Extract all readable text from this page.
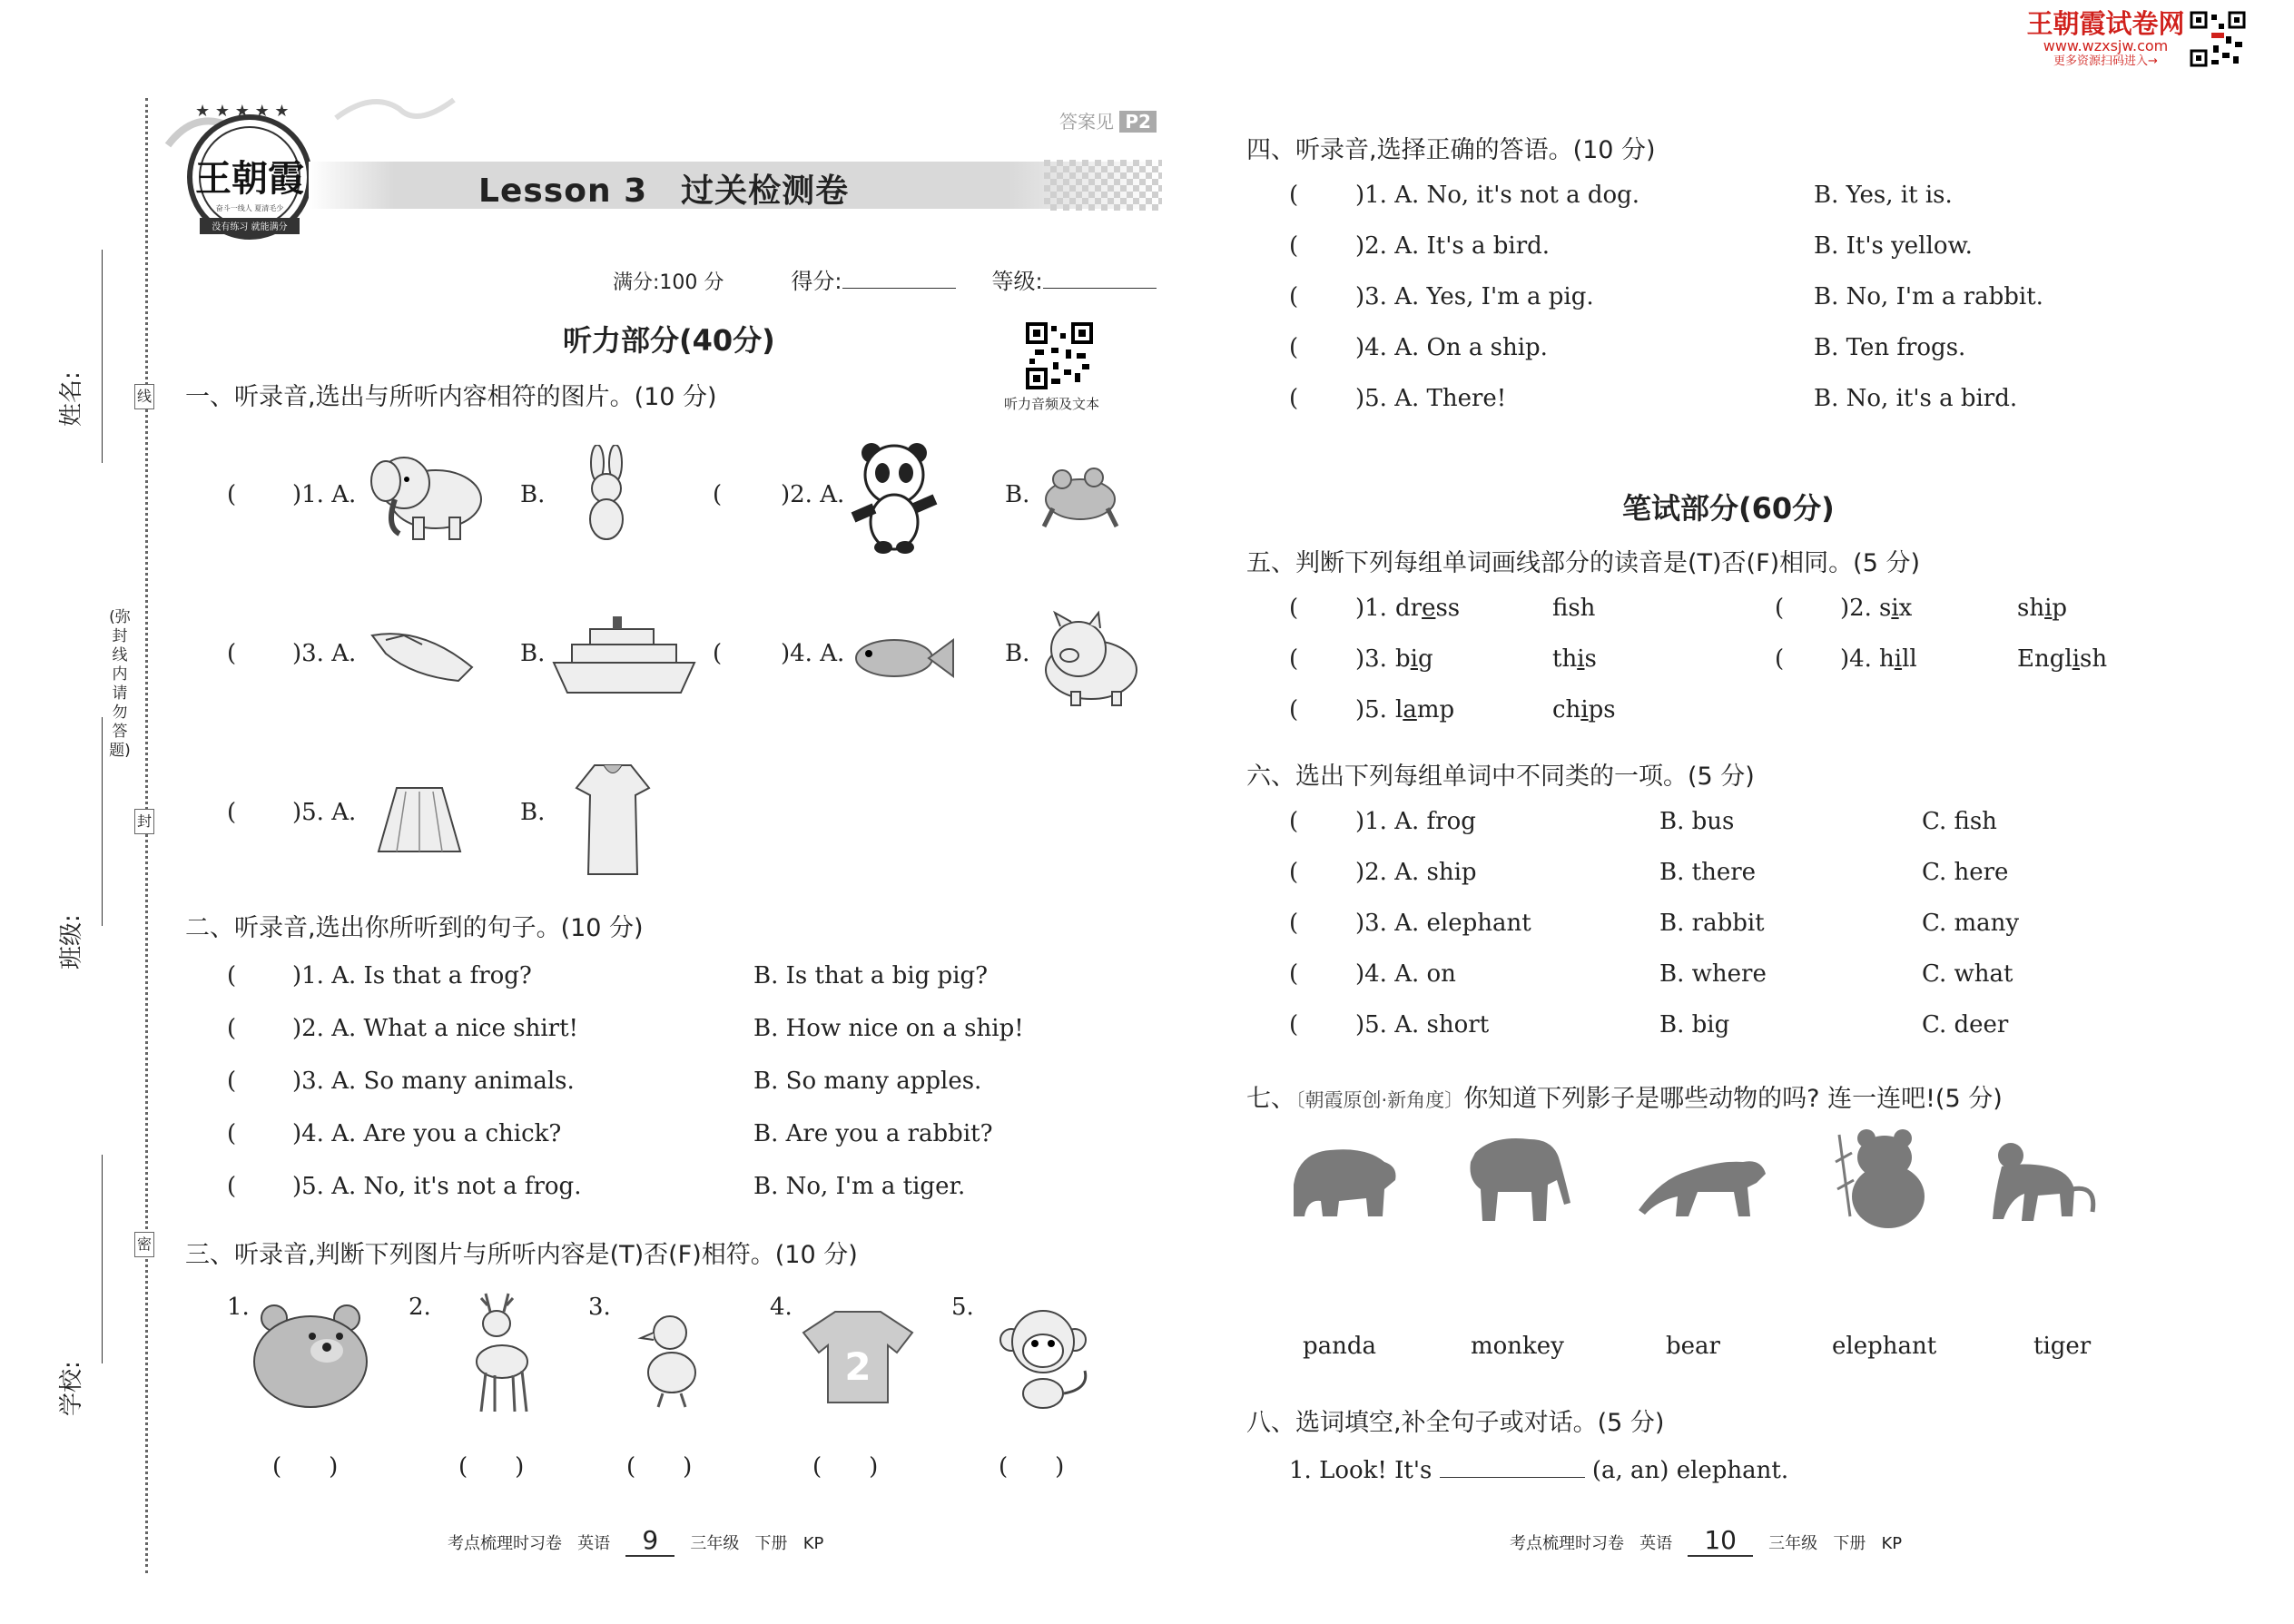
线
封
密
(弥封线内请勿答题)
姓名:
班级:
学校:
★ ★ ★ ★ ★
王朝霞
奋斗一线人 夏清毛少
没有练习 就能满分
Lesson 3　过关检测卷
答案见 P2
满分:100 分	得分:	等级:
听力音频及文本
听力部分(40分)
一、听录音,选出与所听内容相符的图片。(10 分)
( )1. A.	B.	( )2. A.	B.
( )3. A.	B.	( )4. A.	B.
( )5. A.	B.
二、听录音,选出你所听到的句子。(10 分)
( )1. A. Is that a frog?	B. Is that a big pig?
( )2. A. What a nice shirt!	B. How nice on a ship!
( )3. A. So many animals.	B. So many apples.
( )4. A. Are you a chick?	B. Are you a rabbit?
( )5. A. No, it's not a frog.	B. No, I'm a tiger.
三、听录音,判断下列图片与所听内容是(T)否(F)相符。(10 分)
1.	2.	3.	4.	5.
2
(　　)	(　　)	(　　)	(　　)	(　　)
考点梳理时习卷 英语 9 三年级 下册 KP
王朝霞试卷网
www.wzxsjw.com
更多资源扫码进入→
四、听录音,选择正确的答语。(10 分)
( )1. A. No, it's not a dog.	B. Yes, it is.
( )2. A. It's a bird.	B. It's yellow.
( )3. A. Yes, I'm a pig.	B. No, I'm a rabbit.
( )4. A. On a ship.	B. Ten frogs.
( )5. A. There!	B. No, it's a bird.
笔试部分(60分)
五、判断下列每组单词画线部分的读音是(T)否(F)相同。(5 分)
( )1. dress	fsh	( )2. six	ship
( )3. big	this	( )4. hill	English
( )5. lamp	chips
六、选出下列每组单词中不同类的一项。(5 分)
( )1. A. frog	B. bus	C. fish
( )2. A. ship	B. there	C. here
( )3. A. elephant	B. rabbit	C. many
( )4. A. on	B. where	C. what
( )5. A. short	B. big	C. deer
七、〔朝霞原创·新角度〕你知道下列影子是哪些动物的吗? 连一连吧!(5 分)
panda	monkey	bear	elephant	tiger
八、选词填空,补全句子或对话。(5 分)
1. Look! It's	(a, an) elephant.
考点梳理时习卷 英语 10 三年级 下册 KP
